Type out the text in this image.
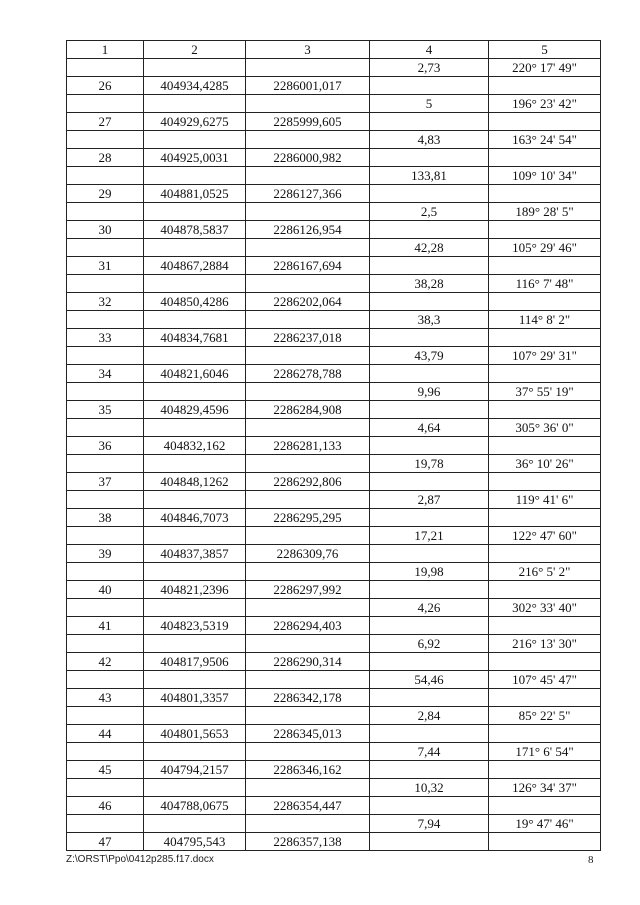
1	2	3	4	5
			2,73	220° 17' 49"
26	404934,4285	2286001,017		
			5	196° 23' 42"
27	404929,6275	2285999,605		
			4,83	163° 24' 54"
28	404925,0031	2286000,982		
			133,81	109° 10' 34"
29	404881,0525	2286127,366		
			2,5	189° 28' 5"
30	404878,5837	2286126,954		
			42,28	105° 29' 46"
31	404867,2884	2286167,694		
			38,28	116° 7' 48"
32	404850,4286	2286202,064		
			38,3	114° 8' 2"
33	404834,7681	2286237,018		
			43,79	107° 29' 31"
34	404821,6046	2286278,788		
			9,96	37° 55' 19"
35	404829,4596	2286284,908		
			4,64	305° 36' 0"
36	404832,162	2286281,133		
			19,78	36° 10' 26"
37	404848,1262	2286292,806		
			2,87	119° 41' 6"
38	404846,7073	2286295,295		
			17,21	122° 47' 60"
39	404837,3857	2286309,76		
			19,98	216° 5' 2"
40	404821,2396	2286297,992		
			4,26	302° 33' 40"
41	404823,5319	2286294,403		
			6,92	216° 13' 30"
42	404817,9506	2286290,314		
			54,46	107° 45' 47"
43	404801,3357	2286342,178		
			2,84	85° 22' 5"
44	404801,5653	2286345,013		
			7,44	171° 6' 54"
45	404794,2157	2286346,162		
			10,32	126° 34' 37"
46	404788,0675	2286354,447		
			7,94	19° 47' 46"
47	404795,543	2286357,138		
Z:\ORST\Ppo\0412p285.f17.docx	8
